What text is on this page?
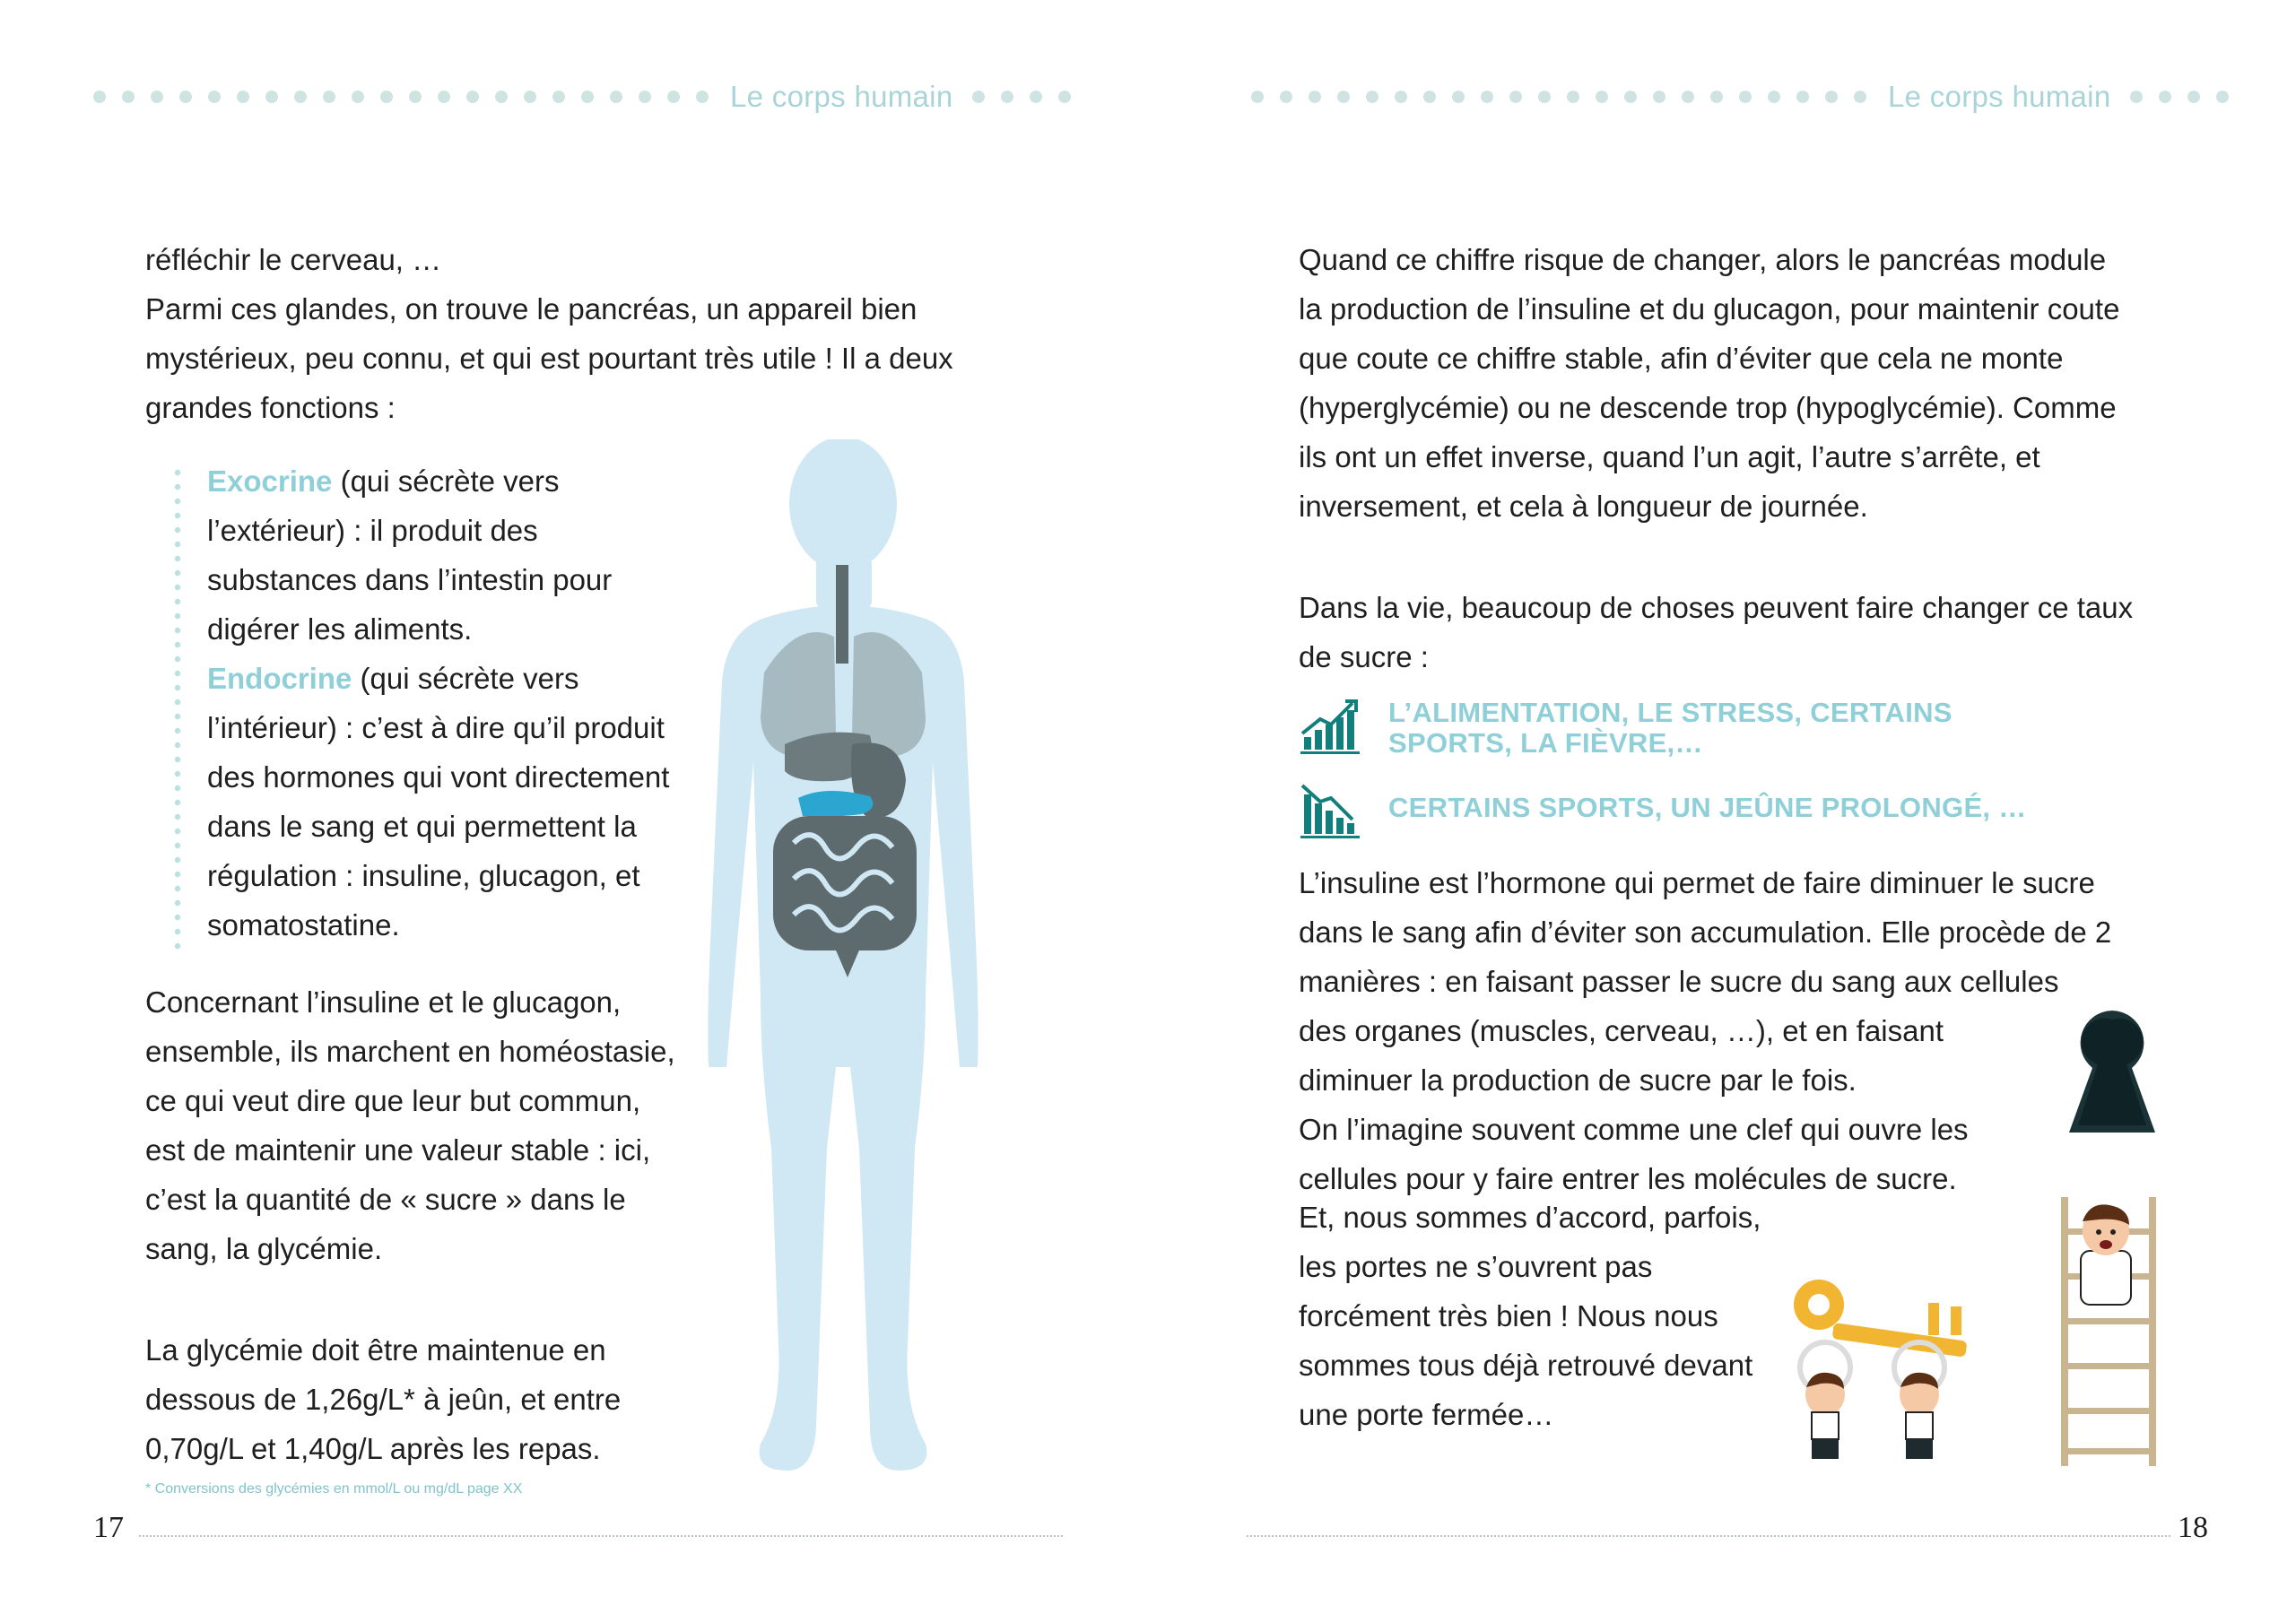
Le corps humain

réfléchir le cerveau, …

Parmi ces glandes, on trouve le pancréas, un appareil bien

mystérieux, peu connu, et qui est pourtant très utile ! Il a deux

grandes fonctions :

Exocrine (qui sécrète vers

l’extérieur) : il produit des

substances dans l’intestin pour

digérer les aliments.

Endocrine (qui sécrète vers

l’intérieur) : c’est à dire qu’il produit

des hormones qui vont directement

dans le sang et qui permettent la

régulation : insuline, glucagon, et

somatostatine.

Concernant l’insuline et le glucagon,

ensemble, ils marchent en homéostasie,

ce qui veut dire que leur but commun,

est de maintenir une valeur stable : ici,

c’est la quantité de « sucre » dans le

sang, la glycémie.

La glycémie doit être maintenue en

dessous de 1,26g/L* à jeûn, et entre

0,70g/L et 1,40g/L après les repas.

* Conversions des glycémies en mmol/L ou mg/dL page XX
17
Le corps humain

Quand ce chiffre risque de changer, alors le pancréas module

la production de l’insuline et du glucagon, pour maintenir coute

que coute ce chiffre stable, afin d’éviter que cela ne monte

(hyperglycémie) ou ne descende trop (hypoglycémie). Comme

ils ont un effet inverse, quand l’un agit, l’autre s’arrête, et

inversement, et cela à longueur de journée.

Dans la vie, beaucoup de choses peuvent faire changer ce taux

de sucre :

L’ALIMENTATION, LE STRESS, CERTAINS
SPORTS, LA FIÈVRE,…
CERTAINS SPORTS, UN JEÛNE PROLONGÉ, …

L’insuline est l’hormone qui permet de faire diminuer le sucre

dans le sang afin d’éviter son accumulation. Elle procède de 2

manières : en faisant passer le sucre du sang aux cellules

des organes (muscles, cerveau, …), et en faisant

diminuer la production de sucre par le fois.

On l’imagine souvent comme une clef qui ouvre les

cellules pour y faire entrer les molécules de sucre.

Et, nous sommes d’accord, parfois,

les portes ne s’ouvrent pas

forcément très bien ! Nous nous

sommes tous déjà retrouvé devant

une porte fermée…

18
